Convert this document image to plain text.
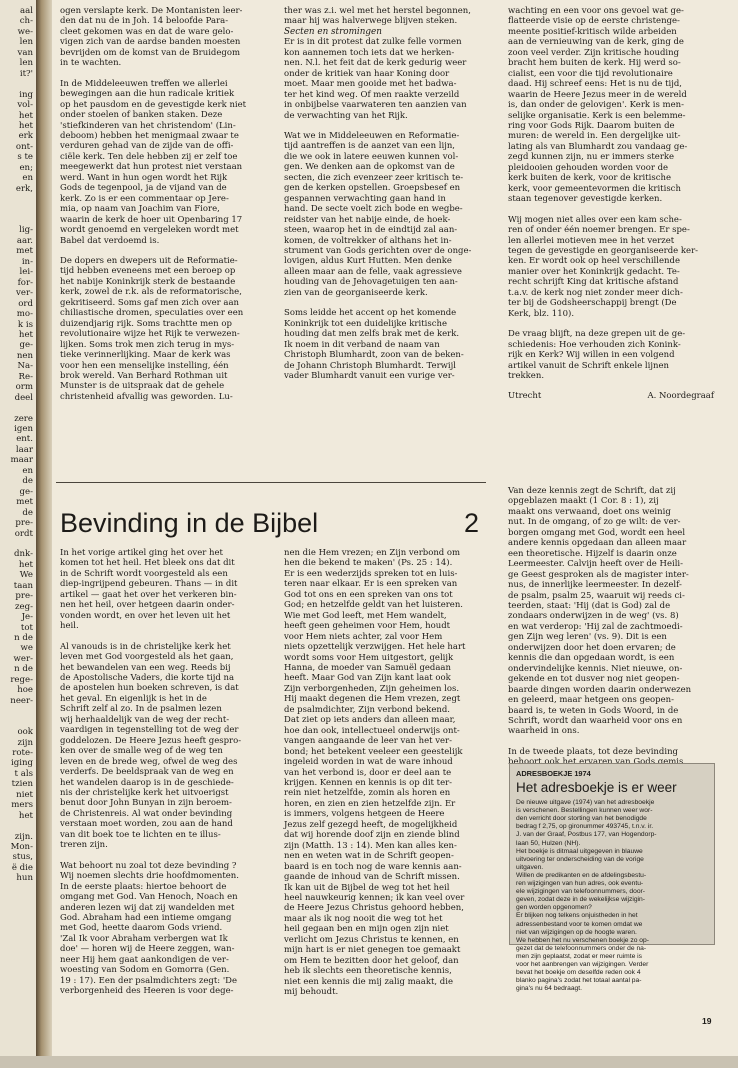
aal
ch-
we-
len
van
len
it?'
ing
vol-
het
het
erk
ont-
s te
en;
en
erk,
lig-
aar.
met
in-
lei-
for-
ver-
ord
mo-
k is
het
ge-
nen
Na-
Re-
orm
deel
zere
igen
ent.
laar
maar
en
de
ge-
met
de
pre-
ordt
dnk-
het
We
taan
pre-
zeg-
Je-
tot
n de
we
wer-
n de
rege-
hoe
neer-
ook
zijn
rote-
iging
t als
tzien
niet
mers
het
zijn.
Mon-
stus,
ë die
hun

ogen verslapte kerk. De Montanisten leer-
den dat nu de in Joh. 14 beloofde Para-
cleet gekomen was en dat de ware gelo-
vigen zich van de aardse banden moesten
bevrijden om de komst van de Bruidegom
in te wachten.

In de Middeleeuwen treffen we allerlei
bewegingen aan die hun radicale kritiek
op het pausdom en de gevestigde kerk niet
onder stoelen of banken staken. Deze
'stiefkinderen van het christendom' (Lin-
deboom) hebben het menigmaal zwaar te
verduren gehad van de zijde van de offi-
ciële kerk. Ten dele hebben zij er zelf toe
meegewerkt dat hun protest niet verstaan
werd. Want in hun ogen wordt het Rijk
Gods de tegenpool, ja de vijand van de
kerk. Zo is er een commentaar op Jere-
mia, op naam van Joachim van Fiore,
waarin de kerk de hoer uit Openbaring 17
wordt genoemd en vergeleken wordt met
Babel dat verdoemd is.

De dopers en dwepers uit de Reformatie-
tijd hebben eveneens met een beroep op
het nabije Koninkrijk sterk de bestaande
kerk, zowel de r.k. als de reformatorische,
gekritiseerd. Soms gaf men zich over aan
chiliastische dromen, speculaties over een
duizendjarig rijk. Soms trachtte men op
revolutionaire wijze het Rijk te verwezen-
lijken. Soms trok men zich terug in mys-
tieke verinnerlijking. Maar de kerk was
voor hen een menselijke instelling, één
brok wereld. Van Berhard Rothman uit
Munster is de uitspraak dat de gehele
christenheid afvallig was geworden. Lu-

ther was z.i. wel met het herstel begonnen,
maar hij was halverwege blijven steken.

Secten en stromingen

Er is in dit protest dat zulke felle vormen
kon aannemen toch iets dat we herken-
nen. N.l. het feit dat de kerk gedurig weer
onder de kritiek van haar Koning door
moet. Maar men gooide met het badwa-
ter het kind weg. Of men raakte verzeild
in onbijbelse vaarwateren ten aanzien van
de verwachting van het Rijk.

Wat we in Middeleeuwen en Reformatie-
tijd aantreffen is de aanzet van een lijn,
die we ook in latere eeuwen kunnen vol-
gen. We denken aan de opkomst van de
secten, die zich evenzeer zeer kritisch te-
gen de kerken opstellen. Groepsbesef en
gespannen verwachting gaan hand in
hand. De secte voelt zich bode en wegbe-
reidster van het nabije einde, de hoek-
steen, waarop het in de eindtijd zal aan-
komen, de voltrekker of althans het in-
strument van Gods gerichten over de onge-
lovigen, aldus Kurt Hutten. Men denke
alleen maar aan de felle, vaak agressieve
houding van de Jehovagetuigen ten aan-
zien van de georganiseerde kerk.

Soms leidde het accent op het komende
Koninkrijk tot een duidelijke kritische
houding dat men zelfs brak met de kerk.
Ik noem in dit verband de naam van
Christoph Blumhardt, zoon van de beken-
de Johann Christoph Blumhardt. Terwijl
vader Blumhardt vanuit een vurige ver-

wachting en een voor ons gevoel wat ge-
flatteerde visie op de eerste christenge-
meente positief-kritisch wilde arbeiden
aan de vernieuwing van de kerk, ging de
zoon veel verder. Zijn kritische houding
bracht hem buiten de kerk. Hij werd so-
cialist, een voor die tijd revolutionaire
daad. Hij schreef eens: Het is nu de tijd,
waarin de Heere Jezus meer in de wereld
is, dan onder de gelovigen'. Kerk is men-
selijke organisatie. Kerk is een belemme-
ring voor Gods Rijk. Daarom buiten de
muren: de wereld in. Een dergelijke uit-
lating als van Blumhardt zou vandaag ge-
zegd kunnen zijn, nu er immers sterke
pleidooien gehouden worden voor de
kerk buiten de kerk, voor de kritische
kerk, voor gemeentevormen die kritisch
staan tegenover gevestigde kerken.

Wij mogen niet alles over een kam sche-
ren of onder één noemer brengen. Er spe-
len allerlei motieven mee in het verzet
tegen de gevestigde en georganiseerde ker-
ken. Er wordt ook op heel verschillende
manier over het Koninkrijk gedacht. Te-
recht schrijft King dat kritische afstand
t.a.v. de kerk nog niet zonder meer dich-
ter bij de Godsheerschappij brengt (De
Kerk, blz. 110).

De vraag blijft, na deze grepen uit de ge-
schiedenis: Hoe verhouden zich Konink-
rijk en Kerk? Wij willen in een volgend
artikel vanuit de Schrift enkele lijnen
trekken.

Utrecht	A. Noordegraaf

Van deze kennis zegt de Schrift, dat zij
opgeblazen maakt (1 Cor. 8 : 1), zij
maakt ons verwaand, doet ons weinig
nut. In de omgang, of zo ge wilt: de ver-
borgen omgang met God, wordt een heel
andere kennis opgedaan dan alleen maar
een theoretische. Hijzelf is daarin onze
Leermeester. Calvijn heeft over de Heili-
ge Geest gesproken als de magister inter-
nus, de innerlijke leermeester. In dezelf-
de psalm, psalm 25, waaruit wij reeds ci-
teerden, staat: 'Hij (dat is God) zal de
zondaars onderwijzen in de weg' (vs. 8)
en wat verderop: 'Hij zal de zachtmoedi-
gen Zijn weg leren' (vs. 9). Dit is een
onderwijzen door het doen ervaren; de
kennis die dan opgedaan wordt, is een
ondervindelijke kennis. Niet nieuwe, on-
gekende en tot dusver nog niet geopen-
baarde dingen worden daarin onderwezen
en geleerd, maar hetgeen ons geopen-
baard is, te weten in Gods Woord, in de
Schrift, wordt dan waarheid voor ons en
waarheid in ons.

In de tweede plaats, tot deze bevinding

Bevinding in de Bijbel	2

In het vorige artikel ging het over het
komen tot het heil. Het bleek ons dat dit
in de Schrift wordt voorgesteld als een
diep-ingrijpend gebeuren. Thans — in dit
artikel — gaat het over het verkeren bin-
nen het heil, over hetgeen daarin onder-
vonden wordt, en over het leven uit het
heil.

Al vanouds is in de christelijke kerk het
leven met God voorgesteld als het gaan,
het bewandelen van een weg. Reeds bij
de Apostolische Vaders, die korte tijd na
de apostelen hun boeken schreven, is dat
het geval. En eigenlijk is het in de
Schrift zelf al zo. In de psalmen lezen
wij herhaaldelijk van de weg der recht-
vaardigen in tegenstelling tot de weg der
goddelozen. De Heere Jezus heeft gespro-
ken over de smalle weg of de weg ten
leven en de brede weg, ofwel de weg des
verderfs. De beeldspraak van de weg en
het wandelen daarop is in de geschiede-
nis der christelijke kerk het uitvoerigst
benut door John Bunyan in zijn beroem-
de Christenreis. Al wat onder bevinding
verstaan moet worden, zou aan de hand
van dit boek toe te lichten en te illus-
treren zijn.

Wat behoort nu zoal tot deze bevinding ?
Wij noemen slechts drie hoofdmomenten.
In de eerste plaats: hiertoe behoort de
omgang met God. Van Henoch, Noach en
anderen lezen wij dat zij wandelden met
God. Abraham had een intieme omgang
met God, heette daarom Gods vriend.
'Zal Ik voor Abraham verbergen wat Ik
doe' — horen wij de Heere zeggen, wan-
neer Hij hem gaat aankondigen de ver-
woesting van Sodom en Gomorra (Gen.
19 : 17). Een der psalmdichters zegt: 'De
verborgenheid des Heeren is voor dege-

nen die Hem vrezen; en Zijn verbond om
hen die bekend te maken' (Ps. 25 : 14).
Er is een wederzijds spreken tot en luis-
teren naar elkaar. Er is een spreken van
God tot ons en een spreken van ons tot
God; en hetzelfde geldt van het luisteren.
Wie met God leeft, met Hem wandelt,
heeft geen geheimen voor Hem, houdt
voor Hem niets achter, zal voor Hem
niets opzettelijk verzwijgen. Het hele hart
wordt soms voor Hem uitgestort, gelijk
Hanna, de moeder van Samuël gedaan
heeft. Maar God van Zijn kant laat ook
Zijn verborgenheden, Zijn geheimen los.
Hij maakt degenen die Hem vrezen, zegt
de psalmdichter, Zijn verbond bekend.
Dat ziet op iets anders dan alleen maar,
hoe dan ook, intellectueel onderwijs ont-
vangen aangaande de leer van het ver-
bond; het betekent veeleer een geestelijk
ingeleid worden in wat de ware inhoud
van het verbond is, door er deel aan te
krijgen. Kennen en kennis is op dit ter-
rein niet hetzelfde, zomin als horen en
horen, en zien en zien hetzelfde zijn. Er
is immers, volgens hetgeen de Heere
Jezus zelf gezegd heeft, de mogelijkheid
dat wij horende doof zijn en ziende blind
zijn (Matth. 13 : 14). Men kan alles ken-
nen en weten wat in de Schrift geopen-
baard is en toch nog de ware kennis aan-
gaande de inhoud van de Schrift missen.
Ik kan uit de Bijbel de weg tot het heil
heel nauwkeurig kennen; ik kan veel over
de Heere Jezus Christus gehoord hebben,
maar als ik nog nooit die weg tot het
heil gegaan ben en mijn ogen zijn niet
verlicht om Jezus Christus te kennen, en
mijn hart is er niet genegen toe gemaakt
om Hem te bezitten door het geloof, dan
heb ik slechts een theoretische kennis,
niet een kennis die mij zalig maakt, die
mij behoudt.

ADRESBOEKJE 1974

Het adresboekje is er weer

De nieuwe uitgave (1974) van het adresboekje
is verschenen. Bestellingen kunnen weer wor-
den verricht door storting van het benodigde
bedrag f 2,75, op gironummer 493745, t.n.v. ir.
J. van der Graaf, Postbus 177, van Hogendorp-
laan 50, Hulzen (NH).
Het boekje is ditmaal uitgegeven in blauwe
uitvoering ter onderscheiding van de vorige
uitgaven.
Willen de predikanten en de afdelingsbestu-
ren wijzigingen van hun adres, ook eventu-
ele wijzigingen van telefoonnummers, door-
geven, zodat deze in de wekelijkse wijzigin-
gen worden opgenomen?
Er blijken nog telkens onjuistheden in het
adressenbestand voor te komen omdat we
niet van wijzigingen op de hoogte waren.
We hebben het nu verschenen boekje zo op-
gezet dat de telefoonnummers onder de na-
men zijn geplaatst, zodat er meer ruimte is
voor het aanbrengen van wijzigingen. Verder
bevat het boekje om deselfde reden ook 4
blanko pagina's zodat het totaal aantal pa-
gina's nu 64 bedraagt.

19
